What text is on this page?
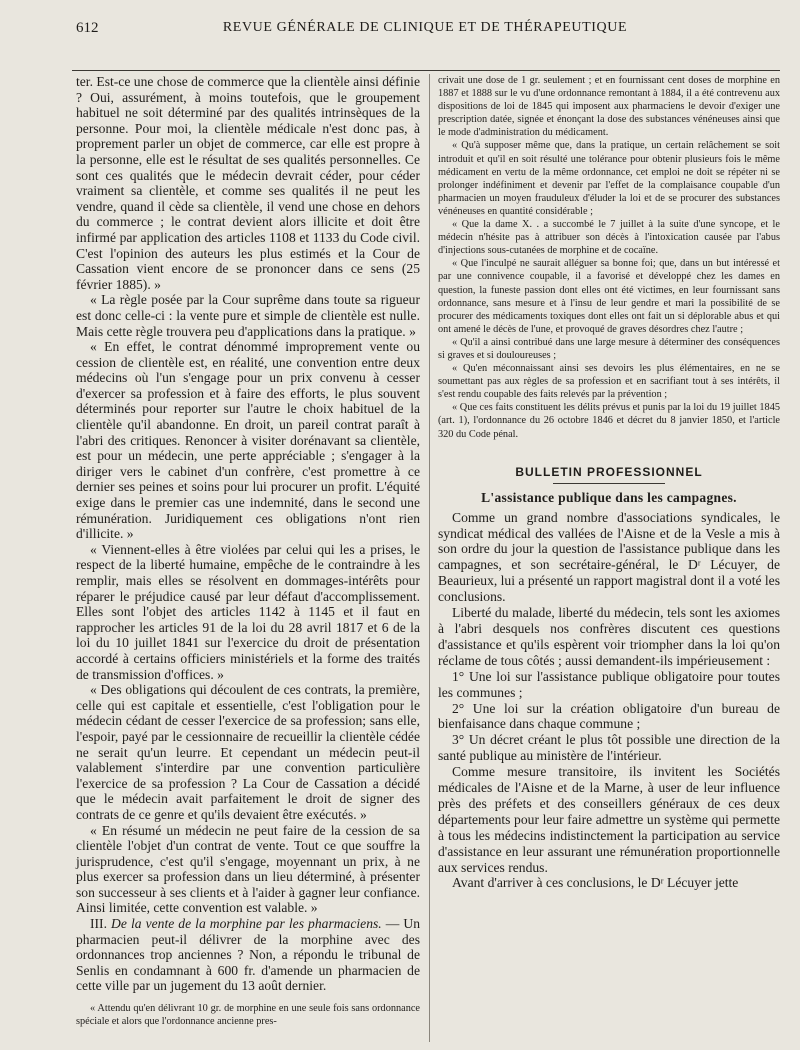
612	REVUE GÉNÉRALE DE CLINIQUE ET DE THÉRAPEUTIQUE

ter. Est-ce une chose de commerce que la clientèle ainsi définie ? Oui, assurément, à moins toutefois, que le groupement habituel ne soit déterminé par des qualités intrinsèques de la personne. Pour moi, la clientèle médicale n'est donc pas, à proprement parler un objet de commerce, car elle est propre à la personne, elle est le résultat de ses qualités personnelles. Ce sont ces qualités que le médecin devrait céder, pour céder vraiment sa clientèle, et comme ses qualités il ne peut les vendre, quand il cède sa clientèle, il vend une chose en dehors du commerce ; le contrat devient alors illicite et doit être infirmé par application des articles 1108 et 1133 du Code civil. C'est l'opinion des auteurs les plus estimés et la Cour de Cassation vient encore de se prononcer dans ce sens (25 février 1885). »

« La règle posée par la Cour suprême dans toute sa rigueur est donc celle-ci : la vente pure et simple de clientèle est nulle. Mais cette règle trouvera peu d'applications dans la pratique. »

« En effet, le contrat dénommé improprement vente ou cession de clientèle est, en réalité, une convention entre deux médecins où l'un s'engage pour un prix convenu à cesser d'exercer sa profession et à faire des efforts, le plus souvent déterminés pour reporter sur l'autre le choix habituel de la clientèle qu'il abandonne. En droit, un pareil contrat paraît à l'abri des critiques. Renoncer à visiter dorénavant sa clientèle, est pour un médecin, une perte appréciable ; s'engager à la diriger vers le cabinet d'un confrère, c'est promettre à ce dernier ses peines et soins pour lui procurer un profit. L'équité exige dans le premier cas une indemnité, dans le second une rémunération. Juridiquement ces obligations n'ont rien d'illicite. »

« Viennent-elles à être violées par celui qui les a prises, le respect de la liberté humaine, empêche de le contraindre à les remplir, mais elles se résolvent en dommages-intérêts pour réparer le préjudice causé par leur défaut d'accomplissement. Elles sont l'objet des articles 1142 à 1145 et il faut en rapprocher les articles 91 de la loi du 28 avril 1817 et 6 de la loi du 10 juillet 1841 sur l'exercice du droit de présentation accordé à certains officiers ministériels et la forme des traités de transmission d'offices. »

« Des obligations qui découlent de ces contrats, la première, celle qui est capitale et essentielle, c'est l'obligation pour le médecin cédant de cesser l'exercice de sa profession; sans elle, l'espoir, payé par le cessionnaire de recueillir la clientèle cédée ne serait qu'un leurre. Et cependant un médecin peut-il valablement s'interdire par une convention particulière l'exercice de sa profession ? La Cour de Cassation a décidé que le médecin avait parfaitement le droit de signer des contrats de ce genre et qu'ils devaient être exécutés. »

« En résumé un médecin ne peut faire de la cession de sa clientèle l'objet d'un contrat de vente. Tout ce que souffre la jurisprudence, c'est qu'il s'engage, moyennant un prix, à ne plus exercer sa profession dans un lieu déterminé, à présenter son successeur à ses clients et à l'aider à gagner leur confiance. Ainsi limitée, cette convention est valable. »

III. De la vente de la morphine par les pharmaciens. — Un pharmacien peut-il délivrer de la morphine avec des ordonnances trop anciennes ? Non, a répondu le tribunal de Senlis en condamnant à 600 fr. d'amende un pharmacien de cette ville par un jugement du 13 août dernier.

« Attendu qu'en délivrant 10 gr. de morphine en une seule fois sans ordonnance spéciale et alors que l'ordonnance ancienne pres-

crivait une dose de 1 gr. seulement ; et en fournissant cent doses de morphine en 1887 et 1888 sur le vu d'une ordonnance remontant à 1884, il a été contrevenu aux dispositions de loi de 1845 qui imposent aux pharmaciens le devoir d'exiger une prescription datée, signée et énonçant la dose des substances vénéneuses ainsi que le mode d'administration du médicament.

« Qu'à supposer même que, dans la pratique, un certain relâchement se soit introduit et qu'il en soit résulté une tolérance pour obtenir plusieurs fois le même médicament en vertu de la même ordonnance, cet emploi ne doit se répéter ni se prolonger indéfiniment et devenir par l'effet de la complaisance coupable d'un pharmacien un moyen frauduleux d'éluder la loi et de se procurer des substances vénéneuses en quantité considérable ;

« Que la dame X. . a succombé le 7 juillet à la suite d'une syncope, et le médecin n'hésite pas à attribuer son décès à l'intoxication causée par l'abus d'injections sous-cutanées de morphine et de cocaïne.

« Que l'inculpé ne saurait alléguer sa bonne foi; que, dans un but intéressé et par une connivence coupable, il a favorisé et développé chez les dames en question, la funeste passion dont elles ont été victimes, en leur fournissant sans ordonnance, sans mesure et à l'insu de leur gendre et mari la possibilité de se procurer des médicaments toxiques dont elles ont fait un si déplorable abus et qui ont amené le décès de l'une, et provoqué de graves désordres chez l'autre ;

« Qu'il a ainsi contribué dans une large mesure à déterminer des conséquences si graves et si douloureuses ;

« Qu'en méconnaissant ainsi ses devoirs les plus élémentaires, en ne se soumettant pas aux règles de sa profession et en sacrifiant tout à ses intérêts, il s'est rendu coupable des faits relevés par la prévention ;

« Que ces faits constituent les délits prévus et punis par la loi du 19 juillet 1845 (art. 1), l'ordonnance du 26 octobre 1846 et décret du 8 janvier 1850, et l'article 320 du Code pénal.

BULLETIN PROFESSIONNEL
L'assistance publique dans les campagnes.

Comme un grand nombre d'associations syndicales, le syndicat médical des vallées de l'Aisne et de la Vesle a mis à son ordre du jour la question de l'assistance publique dans les campagnes, et son secrétaire-général, le Dʳ Lécuyer, de Beaurieux, lui a présenté un rapport magistral dont il a voté les conclusions.

Liberté du malade, liberté du médecin, tels sont les axiomes à l'abri desquels nos confrères discutent ces questions d'assistance et qu'ils espèrent voir triompher dans la loi qu'on réclame de tous côtés ; aussi demandent-ils impérieusement :

1° Une loi sur l'assistance publique obligatoire pour toutes les communes ;

2° Une loi sur la création obligatoire d'un bureau de bienfaisance dans chaque commune ;

3° Un décret créant le plus tôt possible une direction de la santé publique au ministère de l'intérieur.

Comme mesure transitoire, ils invitent les Sociétés médicales de l'Aisne et de la Marne, à user de leur influence près des préfets et des conseillers généraux de ces deux départements pour leur faire admettre un système qui permette à tous les médecins indistinctement la participation au service d'assistance en leur assurant une rémunération proportionnelle aux services rendus.

Avant d'arriver à ces conclusions, le Dʳ Lécuyer jette
